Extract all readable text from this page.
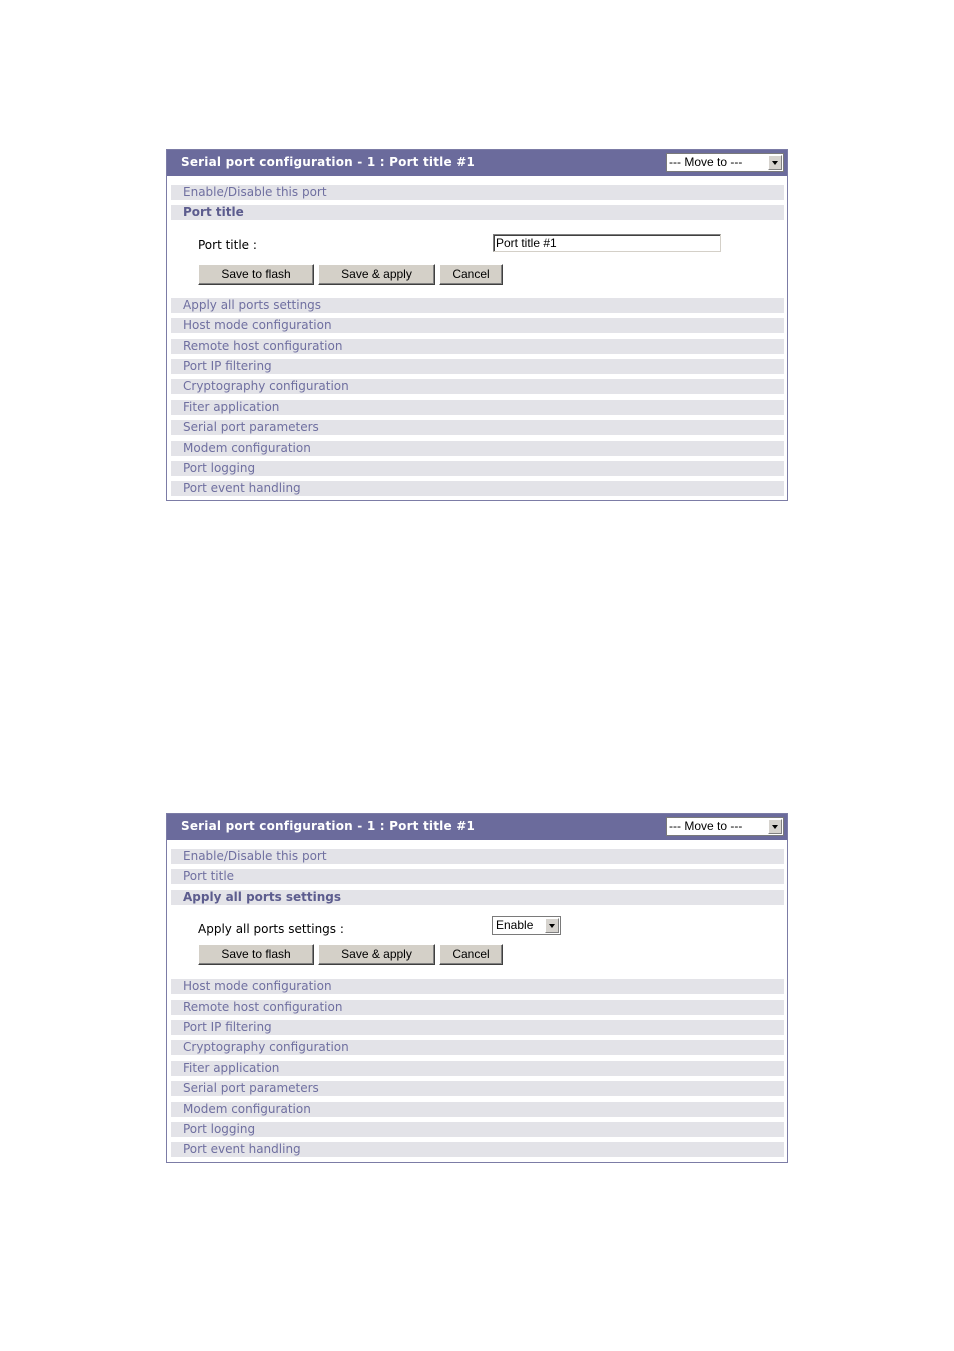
Serial port configuration - 1 : Port title #1	--- Move to ---
Enable/Disable this port
Port title
Port title :	Port title #1
Save to flash	Save & apply	Cancel
Apply all ports settings
Host mode configuration
Remote host configuration
Port IP filtering
Cryptography configuration
Fiter application
Serial port parameters
Modem configuration
Port logging
Port event handling
Serial port configuration - 1 : Port title #1	--- Move to ---
Enable/Disable this port
Port title
Apply all ports settings
Apply all ports settings :	Enable
Save to flash	Save & apply	Cancel
Host mode configuration
Remote host configuration
Port IP filtering
Cryptography configuration
Fiter application
Serial port parameters
Modem configuration
Port logging
Port event handling
